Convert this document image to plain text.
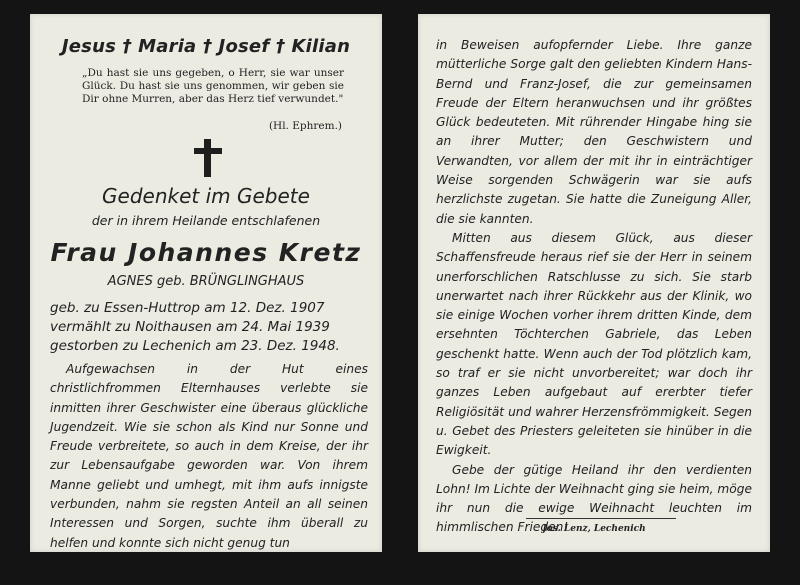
Jesus † Maria † Josef † Kilian
„Du hast sie uns gegeben, o Herr, sie war unser Glück. Du hast sie uns genommen, wir geben sie Dir ohne Murren, aber das Herz tief verwundet."
(Hl. Ephrem.)
Gedenket im Gebete
der in ihrem Heilande entschlafenen
Frau Johannes Kretz
AGNES geb. BRÜNGLINGHAUS
geb. zu Essen-Huttrop am 12. Dez. 1907
vermählt zu Noithausen am 24. Mai 1939
gestorben zu Lechenich am 23. Dez. 1948.
Aufgewachsen in der Hut eines christlichfrommen Elternhauses verlebte sie inmitten ihrer Geschwister eine überaus glückliche Jugendzeit. Wie sie schon als Kind nur Sonne und Freude verbreitete, so auch in dem Kreise, der ihr zur Lebensaufgabe geworden war. Von ihrem Manne geliebt und umhegt, mit ihm aufs innigste verbunden, nahm sie regsten Anteil an all seinen Interessen und Sorgen, suchte ihm überall zu helfen und konnte sich nicht genug tun

in Beweisen aufopfernder Liebe. Ihre ganze mütterliche Sorge galt den geliebten Kindern Hans-Bernd und Franz-Josef, die zur gemeinsamen Freude der Eltern heranwuchsen und ihr größtes Glück bedeuteten. Mit rührender Hingabe hing sie an ihrer Mutter; den Geschwistern und Verwandten, vor allem der mit ihr in einträchtiger Weise sorgenden Schwägerin war sie aufs herzlichste zugetan. Sie hatte die Zuneigung Aller, die sie kannten.

Mitten aus diesem Glück, aus dieser Schaffensfreude heraus rief sie der Herr in seinem unerforschlichen Ratschlusse zu sich. Sie starb unerwartet nach ihrer Rückkehr aus der Klinik, wo sie einige Wochen vorher ihrem dritten Kinde, dem ersehnten Töchterchen Gabriele, das Leben geschenkt hatte. Wenn auch der Tod plötzlich kam, so traf er sie nicht unvorbereitet; war doch ihr ganzes Leben aufgebaut auf ererbter tiefer Religiösität und wahrer Herzensfrömmigkeit. Segen u. Gebet des Priesters geleiteten sie hinüber in die Ewigkeit.

Gebe der gütige Heiland ihr den verdienten Lohn! Im Lichte der Weihnacht ging sie heim, möge ihr nun die ewige Weihnacht leuchten im himmlischen Frieden!

Jos. Lenz, Lechenich
